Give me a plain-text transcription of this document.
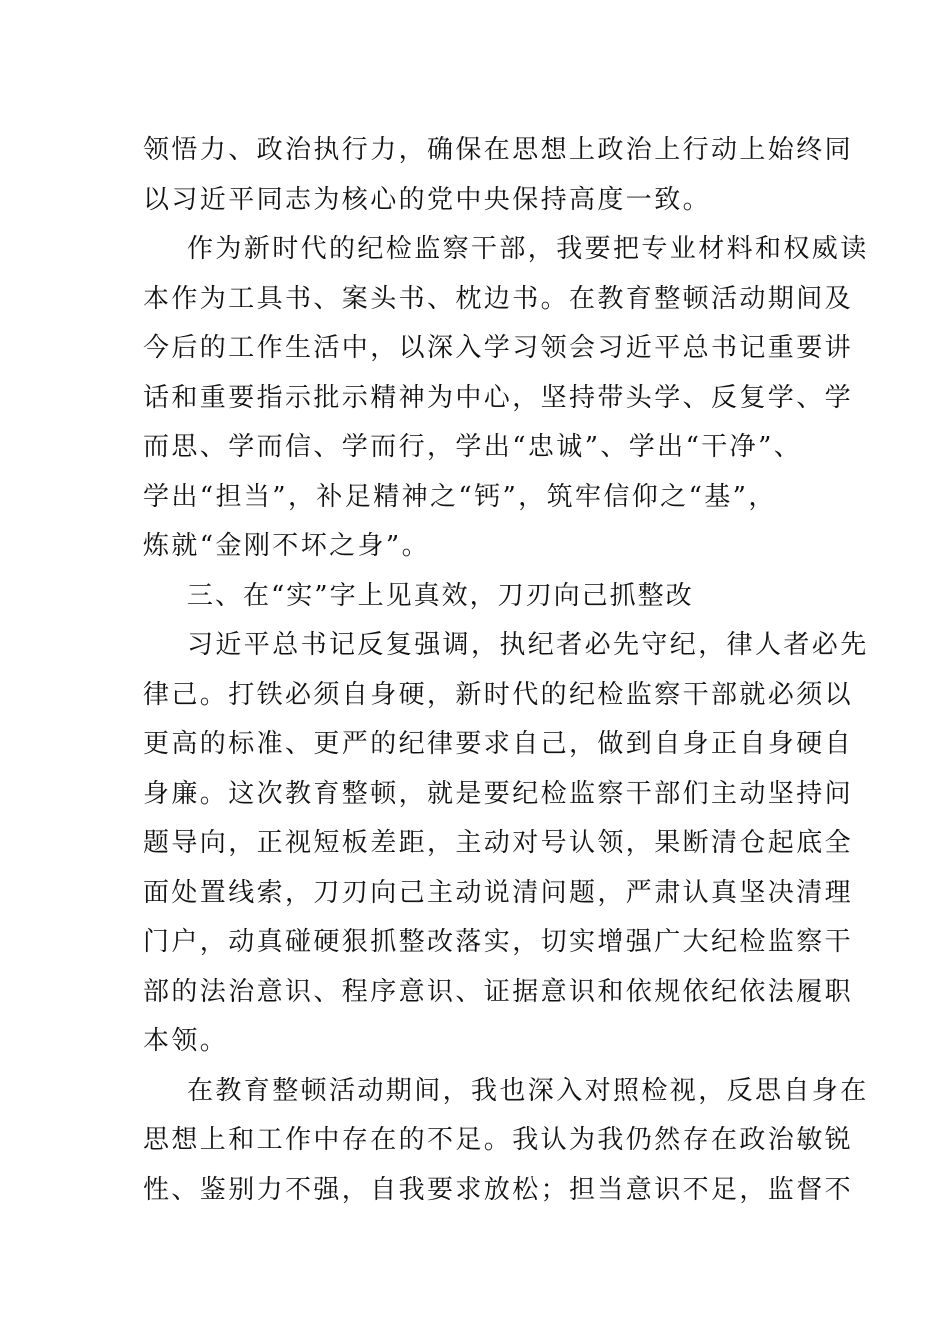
领悟力、政治执行力，确保在思想上政治上行动上始终同
以习近平同志为核心的党中央保持高度一致。
作为新时代的纪检监察干部，我要把专业材料和权威读
本作为工具书、案头书、枕边书。在教育整顿活动期间及
今后的工作生活中，以深入学习领会习近平总书记重要讲
话和重要指示批示精神为中心，坚持带头学、反复学、学
而思、学而信、学而行，学出“忠诚”、学出“干净”、
学出“担当”，补足精神之“钙”，筑牢信仰之“基”，
炼就“金刚不坏之身”。
三、在“实”字上见真效，刀刃向己抓整改
习近平总书记反复强调，执纪者必先守纪，律人者必先
律己。打铁必须自身硬，新时代的纪检监察干部就必须以
更高的标准、更严的纪律要求自己，做到自身正自身硬自
身廉。这次教育整顿，就是要纪检监察干部们主动坚持问
题导向，正视短板差距，主动对号认领，果断清仓起底全
面处置线索，刀刃向己主动说清问题，严肃认真坚决清理
门户，动真碰硬狠抓整改落实，切实增强广大纪检监察干
部的法治意识、程序意识、证据意识和依规依纪依法履职
本领。
在教育整顿活动期间，我也深入对照检视，反思自身在
思想上和工作中存在的不足。我认为我仍然存在政治敏锐
性、鉴别力不强，自我要求放松；担当意识不足，监督不
